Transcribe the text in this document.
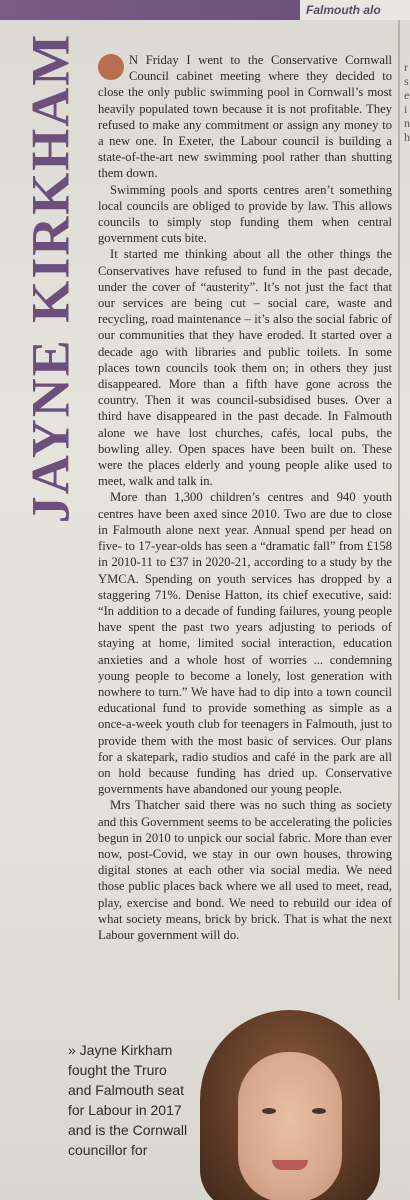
Falmouth alo
JAYNE KIRKHAM	r s e i n h

N Friday I went to the Conservative Cornwall Council cabinet meeting where they decided to close the only public swimming pool in Cornwall’s most heavily populated town because it is not profitable. They refused to make any commitment or assign any money to a new one. In Exeter, the Labour council is building a state-of-the-art new swimming pool rather than shutting them down.

Swimming pools and sports centres aren’t something local councils are obliged to provide by law. This allows councils to simply stop funding them when central government cuts bite.

It started me thinking about all the other things the Conservatives have refused to fund in the past decade, under the cover of “austerity”. It’s not just the fact that our services are being cut – social care, waste and recycling, road maintenance – it’s also the social fabric of our communities that they have eroded. It started over a decade ago with libraries and public toilets. In some places town councils took them on; in others they just disappeared. More than a fifth have gone across the country. Then it was council-subsidised buses. Over a third have disappeared in the past decade. In Falmouth alone we have lost churches, cafés, local pubs, the bowling alley. Open spaces have been built on. These were the places elderly and young people alike used to meet, walk and talk in.

More than 1,300 children’s centres and 940 youth centres have been axed since 2010. Two are due to close in Falmouth alone next year. Annual spend per head on five- to 17-year-olds has seen a “dramatic fall” from £158 in 2010-11 to £37 in 2020-21, according to a study by the YMCA. Spending on youth services has dropped by a staggering 71%. Denise Hatton, its chief executive, said: “In addition to a decade of funding failures, young people have spent the past two years adjusting to periods of staying at home, limited social interaction, education anxieties and a whole host of worries ... condemning young people to become a lonely, lost generation with nowhere to turn.” We have had to dip into a town council educational fund to provide something as simple as a once-a-week youth club for teenagers in Falmouth, just to provide them with the most basic of services. Our plans for a skatepark, radio studios and café in the park are all on hold because funding has dried up. Conservative governments have abandoned our young people.

Mrs Thatcher said there was no such thing as society and this Government seems to be accelerating the policies begun in 2010 to unpick our social fabric. More than ever now, post-Covid, we stay in our own houses, throwing digital stones at each other via social media. We need those public places back where we all used to meet, read, play, exercise and bond. We need to rebuild our idea of what society means, brick by brick. That is what the next Labour government will do.

» Jayne Kirkham fought the Truro and Falmouth seat for Labour in 2017 and is the Cornwall councillor for
